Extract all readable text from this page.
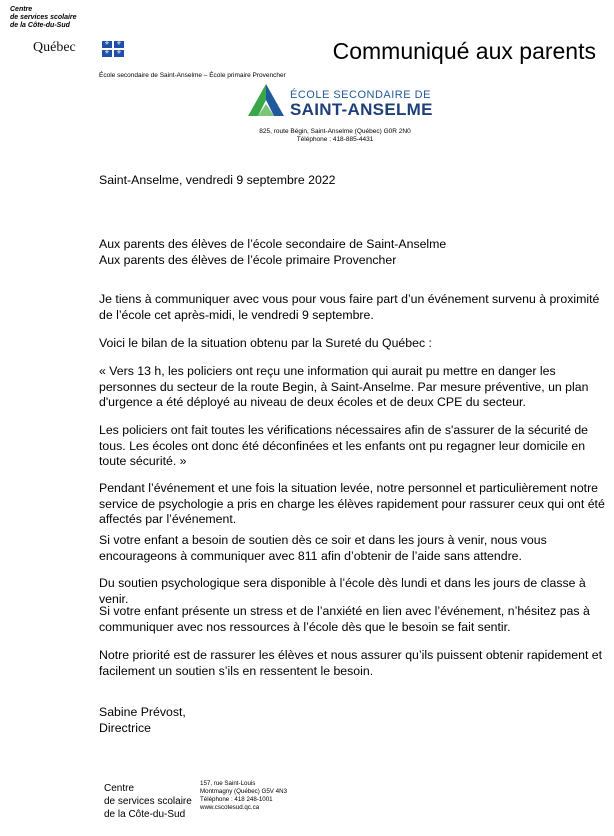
Centre
de services scolaire
de la Côte-du-Sud
Québec	⚜	⚜
⚜	⚜	Communiqué aux parents
École secondaire de Saint-Anselme – École primaire Provencher
ÉCOLE SECONDAIRE DE
SAINT-ANSELME
825, route Bégin, Saint-Anselme (Québec) G0R 2N0
Téléphone : 418-885-4431
Saint-Anselme, vendredi 9 septembre 2022
Aux parents des élèves de l’école secondaire de Saint-Anselme
Aux parents des élèves de l’école primaire Provencher
Je tiens à communiquer avec vous pour vous faire part d’un événement survenu à proximité de l’école cet après-midi, le vendredi 9 septembre.
Voici le bilan de la situation obtenu par la Sureté du Québec :
« Vers 13 h, les policiers ont reçu une information qui aurait pu mettre en danger les personnes du secteur de la route Begin, à Saint-Anselme. Par mesure préventive, un plan d'urgence a été déployé au niveau de deux écoles et de deux CPE du secteur.
Les policiers ont fait toutes les vérifications nécessaires afin de s'assurer de la sécurité de tous. Les écoles ont donc été déconfinées et les enfants ont pu regagner leur domicile en toute sécurité. »
Pendant l’événement et une fois la situation levée, notre personnel et particulièrement notre service de psychologie a pris en charge les élèves rapidement pour rassurer ceux qui ont été affectés par l’événement.
Si votre enfant a besoin de soutien dès ce soir et dans les jours à venir, nous vous encourageons à communiquer avec 811 afin d’obtenir de l’aide sans attendre.
Du soutien psychologique sera disponible à l’école dès lundi et dans les jours de classe à venir.
Si votre enfant présente un stress et de l’anxiété en lien avec l’événement, n’hésitez pas à communiquer avec nos ressources à l’école dès que le besoin se fait sentir.
Notre priorité est de rassurer les élèves et nous assurer qu’ils puissent obtenir rapidement et facilement un soutien s’ils en ressentent le besoin.
Sabine Prévost,
Directrice
Centre
de services scolaire
de la Côte-du-Sud
157, rue Saint-Louis
Montmagny (Québec) G5V 4N3
Téléphone : 418 248-1001
www.cscotesud.qc.ca
